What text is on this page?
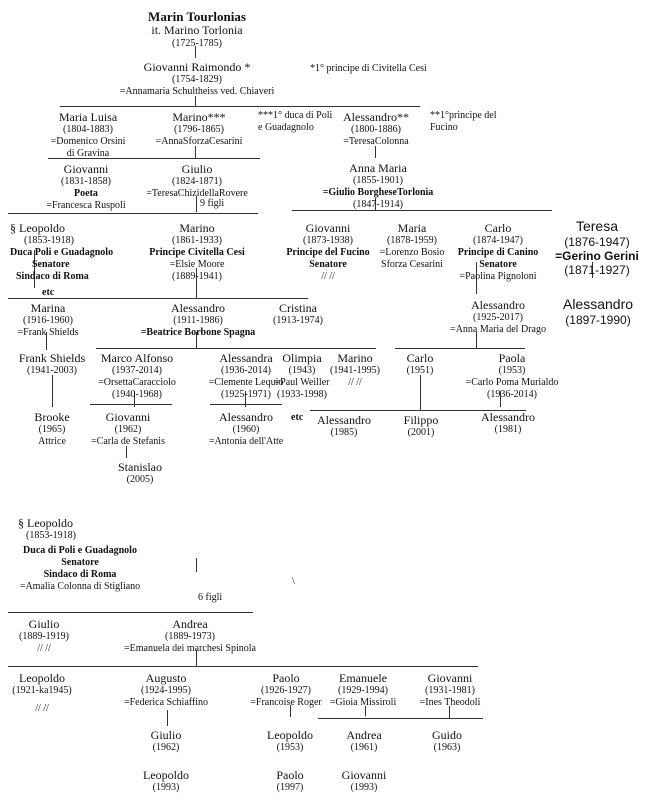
Marin Tourlonias
it. Marino Torlonia
(1725-1785)
Giovanni Raimondo *
(1754-1829)
=Annamaria Schultheiss ved. Chiaveri
*1° principe di Civitella Cesi
Maria Luisa
(1804-1883)
=Domenico Orsini
di Gravina
Marino***
(1796-1865)
=AnnaSforzaCesarini
***1° duca di Poli
e Guadagnolo
Alessandro**
(1800-1886)
=TeresaColonna
**1°principe del
Fucino
Giovanni
(1831-1858)
Poeta
=Francesca Ruspoli
Giulio
(1824-1871)
=TeresaChizidellaRovere
9 figli
Anna Maria
(1855-1901)
=Giulio BorgheseTorlonia
(1847-1914)
§ Leopoldo
(1853-1918)
Duca Poli e Guadagnolo
Senatore
Sindaco di Roma
etc
Marino
(1861-1933)
Principe Civitella Cesi
=Elsie Moore
(1889-1941)
Giovanni
(1873-1938)
Principe del Fucino
Senatore
// //
Maria
(1878-1959)
=Lorenzo Bosio
Sforza Cesarini
Carlo
(1874-1947)
Principe di Canino
Senatore
=Paolina Pignoloni
Teresa
(1876-1947)
=Gerino Gerini
(1871-1927)
Alessandro
(1897-1990)
Marina
(1916-1960)
=Frank Shields
Alessandro
(1911-1986)
=Beatrice Borbone Spagna
Cristina
(1913-1974)
Alessandro
(1925-2017)
=Anna Maria del Drago
Frank Shields
(1941-2003)
Marco Alfonso
(1937-2014)
=OrsettaCaracciolo
(1940-1968)
Alessandra
(1936-2014)
=Clemente Lequio
(1925-1971)
Olimpia
(1943)
=Paul Weiller
(1933-1998)
etc
Marino
(1941-1995)
// //
Carlo
(1951)
Paola
(1953)
=Carlo Poma Murialdo
(1936-2014)
Brooke
(1965)
Attrice
Giovanni
(1962)
=Carla de Stefanis
Alessandro
(1960)
=Antonia dell'Atte
Alessandro
(1985)
Filippo
(2001)
Alessandro
(1981)
Stanislao
(2005)
§ Leopoldo
(1853-1918)
Duca di Poli e Guadagnolo
Senatore
Sindaco di Roma
=Amalia Colonna di Stigliano
6 figli
\
Giulio
(1889-1919)
// //
Andrea
(1889-1973)
=Emanuela dei marchesi Spinola
Leopoldo
(1921-ka1945)
// //
Augusto
(1924-1995)
=Federica Schiaffino
Paolo
(1926-1927)
=Francoise Roger
Emanuele
(1929-1994)
=Gioia Missiroli
Giovanni
(1931-1981)
=Ines Theodoli
Giulio
(1962)
Leopoldo
(1953)
Andrea
(1961)
Guido
(1963)
Leopoldo
(1993)
Paolo
(1997)
Giovanni
(1993)
